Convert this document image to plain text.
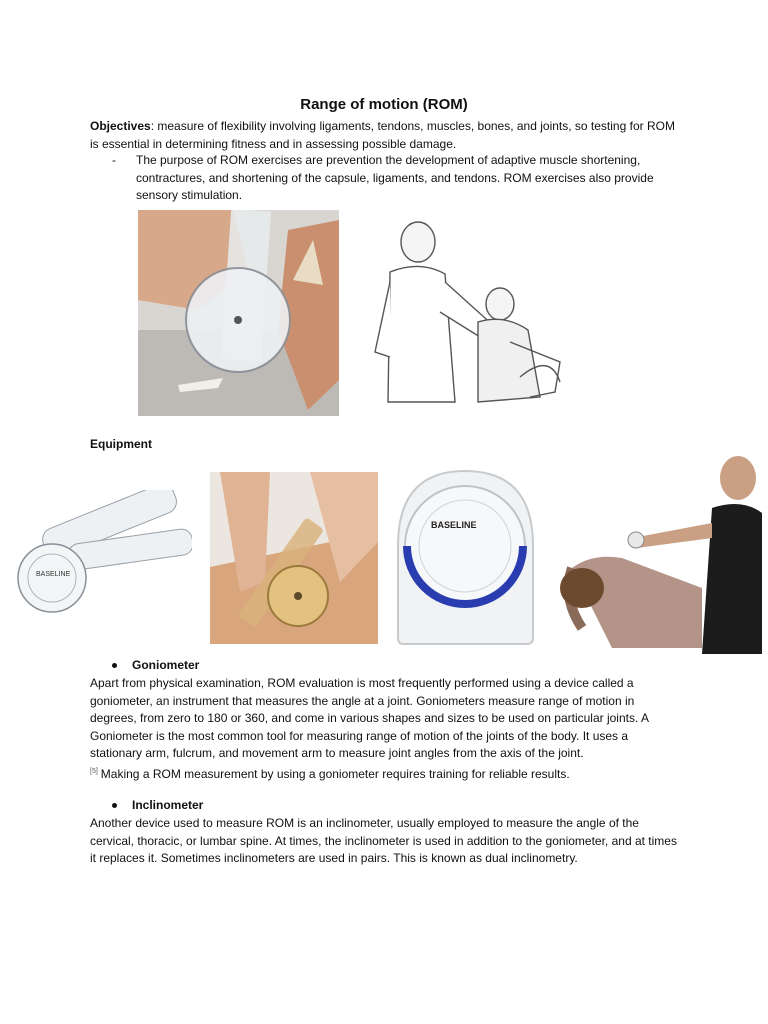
Range of motion (ROM)
Objectives: measure of flexibility involving ligaments, tendons, muscles, bones, and joints, so testing for ROM is essential in determining fitness and in assessing possible damage.
- The purpose of ROM exercises are prevention the development of adaptive muscle shortening, contractures, and shortening of the capsule, ligaments, and tendons. ROM exercises also provide sensory stimulation.
Equipment
BASELINE
BASELINE
Goniometer
Apart from physical examination, ROM evaluation is most frequently performed using a device called a goniometer, an instrument that measures the angle at a joint. Goniometers measure range of motion in degrees, from zero to 180 or 360, and come in various shapes and sizes to be used on particular joints. A Goniometer is the most common tool for measuring range of motion of the joints of the body. It uses a stationary arm, fulcrum, and movement arm to measure joint angles from the axis of the joint.
[5] Making a ROM measurement by using a goniometer requires training for reliable results.
Inclinometer
Another device used to measure ROM is an inclinometer, usually employed to measure the angle of the cervical, thoracic, or lumbar spine. At times, the inclinometer is used in addition to the goniometer, and at times it replaces it. Sometimes inclinometers are used in pairs. This is known as dual inclinometry.
